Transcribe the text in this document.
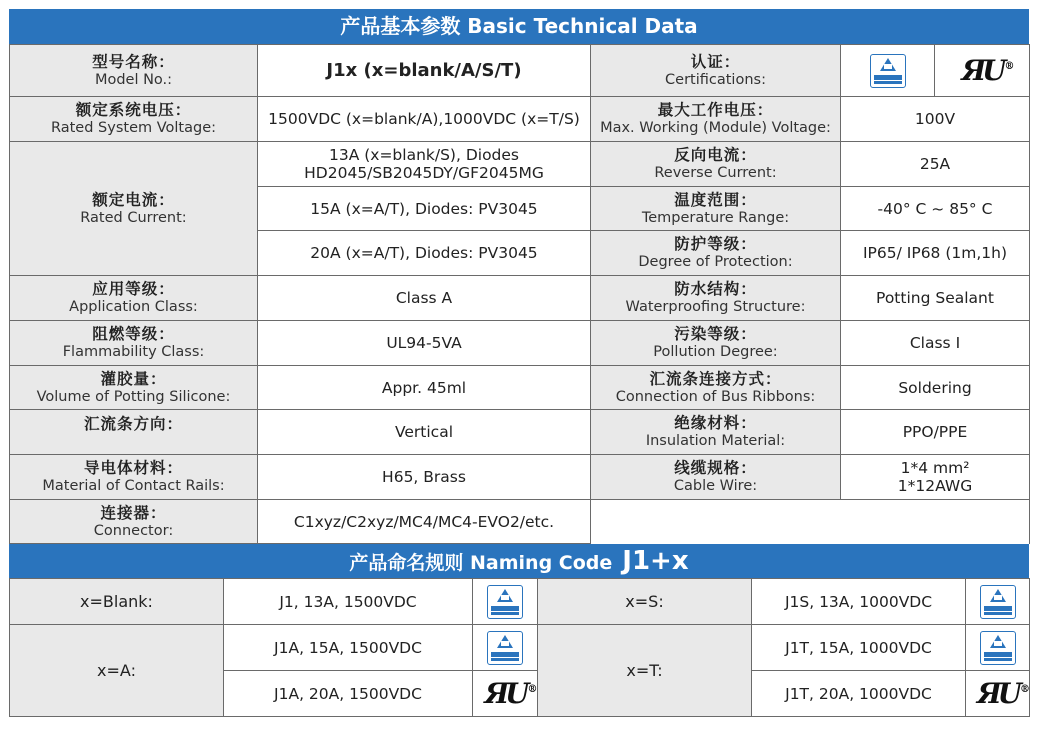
产品基本参数 Basic Technical Data
型号名称：
Model No.:	J1x (x=blank/A/S/T)	认证：
Certifications:		ЯU ®

额定系统电压：
Rated System Voltage:	1500VDC (x=blank/A),1000VDC (x=T/S)	最大工作电压：
Max. Working (Module) Voltage:	100V	

额定电流：
Rated Current:	13A (x=blank/S), Diodes HD2045/SB2045DY/GF2045MG	反向电流：
Reverse Current:	25A	
	15A (x=A/T), Diodes: PV3045	温度范围：
Temperature Range:	-40° C ~ 85° C	
	20A (x=A/T), Diodes: PV3045	防护等级：
Degree of Protection:	IP65/ IP68 (1m,1h)	

应用等级：
Application Class:	Class A	防水结构：
Waterproofing Structure:	Potting Sealant	

阻燃等级：
Flammability Class:	UL94-5VA	污染等级：
Pollution Degree:	Class I	

灌胶量：
Volume of Potting Silicone:	Appr. 45ml	汇流条连接方式：
Connection of Bus Ribbons:	Soldering	

汇流条方向：	Vertical	绝缘材料：
Insulation Material:	PPO/PPE	

导电体材料：
Material of Contact Rails:	H65, Brass	线缆规格：
Cable Wire:	1*4 mm²
1*12AWG	

连接器：
Connector:	C1xyz/C2xyz/MC4/MC4-EVO2/etc.			
产品命名规则 Naming Code J1+x
x=Blank:	J1, 13A, 1500VDC		x=S:	J1S, 13A, 1000VDC	

x=A:	J1A, 15A, 1500VDC		x=T:	J1T, 15A, 1000VDC	

	J1A, 20A, 1500VDC	ЯU ®		J1T, 20A, 1000VDC	ЯU ®
